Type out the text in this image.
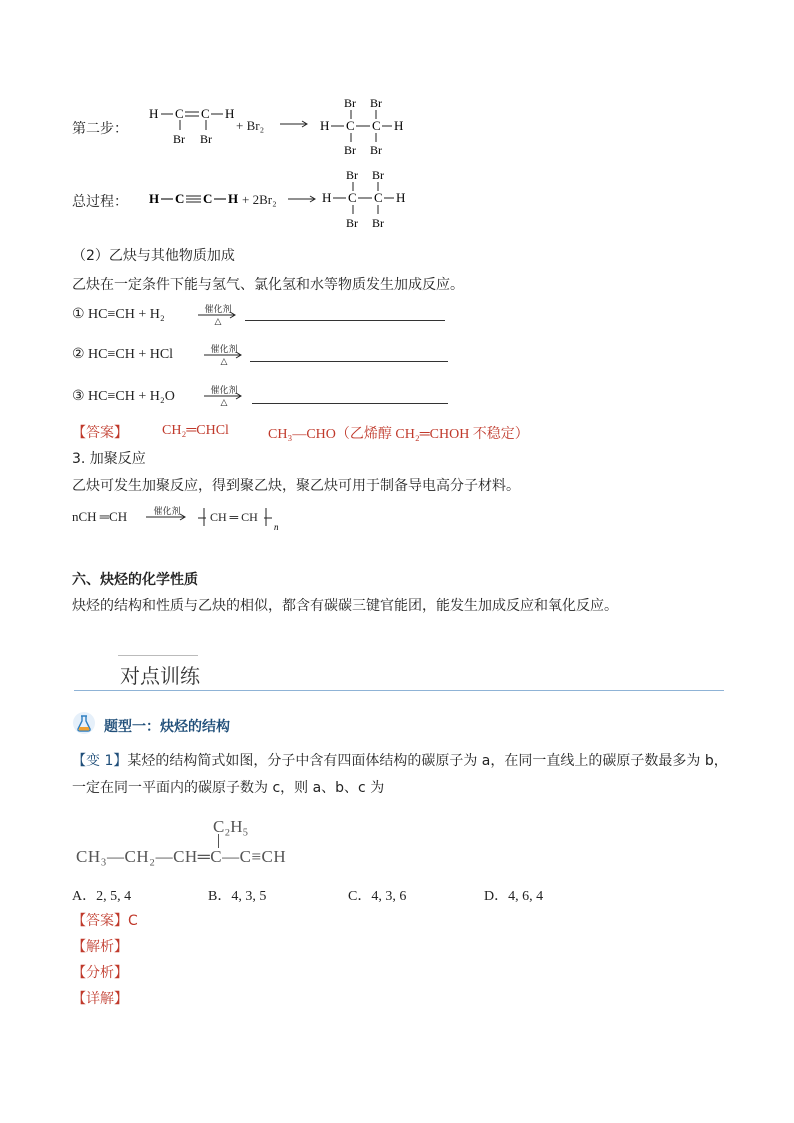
第二步：
H C C H
Br Br
+ Br₂ →
Br Br
H C C H
Br Br
总过程： H C C H + 2Br₂ →
Br Br
H C C H
Br Br
（2）乙炔与其他物质加成
乙炔在一定条件下能与氢气、氯化氢和水等物质发生加成反应。
① HC≡CH + H₂	催化剂
△
② HC≡CH + HCl	催化剂
△
③ HC≡CH + H₂O	催化剂
△
【答案】 CH₂═CHCl	CH₃—CHO（乙烯醇 CH₂═CHOH 不稳定）
3. 加聚反应
乙炔可发生加聚反应，得到聚乙炔，聚乙炔可用于制备导电高分子材料。
nCH ═CH	催化剂
n
CH ═ CH
六、炔烃的化学性质
炔烃的结构和性质与乙炔的相似，都含有碳碳三键官能团，能发生加成反应和氧化反应。
对点训练
题型一：炔烃的结构
【变 1】某烃的结构简式如图，分子中含有四面体结构的碳原子为 a，在同一直线上的碳原子数最多为 b，
一定在同一平面内的碳原子数为 c，则 a、b、c 为
C₂H₅
CH₃—CH₂—CH═C—C≡CH
A．2, 5, 4	B．4, 3, 5	C．4, 3, 6	D．4, 6, 4
【答案】C
【解析】
【分析】
【详解】
